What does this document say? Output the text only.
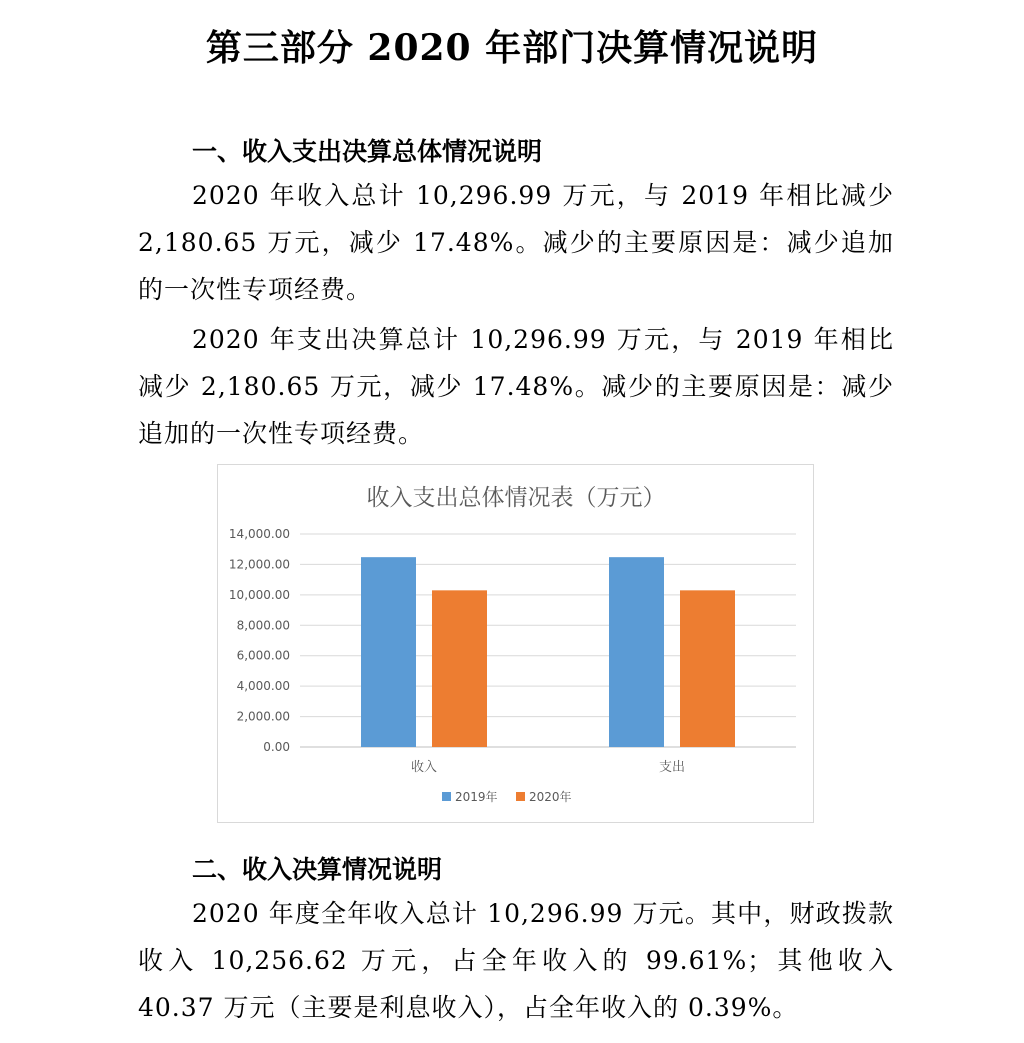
第三部分 2020 年部门决算情况说明
一、收入支出决算总体情况说明

2020 年收入总计 10,296.99 万元，与 2019 年相比减少 2,180.65 万元，减少 17.48%。减少的主要原因是：减少追加的一次性专项经费。

2020 年支出决算总计 10,296.99 万元，与 2019 年相比减少 2,180.65 万元，减少 17.48%。减少的主要原因是：减少追加的一次性专项经费。

收入支出总体情况表（万元）
0.00
2,000.00
4,000.00
6,000.00
8,000.00
10,000.00
12,000.00
14,000.00
收入	支出
2019年	2020年
二、收入决算情况说明

2020 年度全年收入总计 10,296.99 万元。其中，财政拨款收入 10,256.62 万元，占全年收入的 99.61%；其他收入 40.37 万元（主要是利息收入），占全年收入的 0.39%。
